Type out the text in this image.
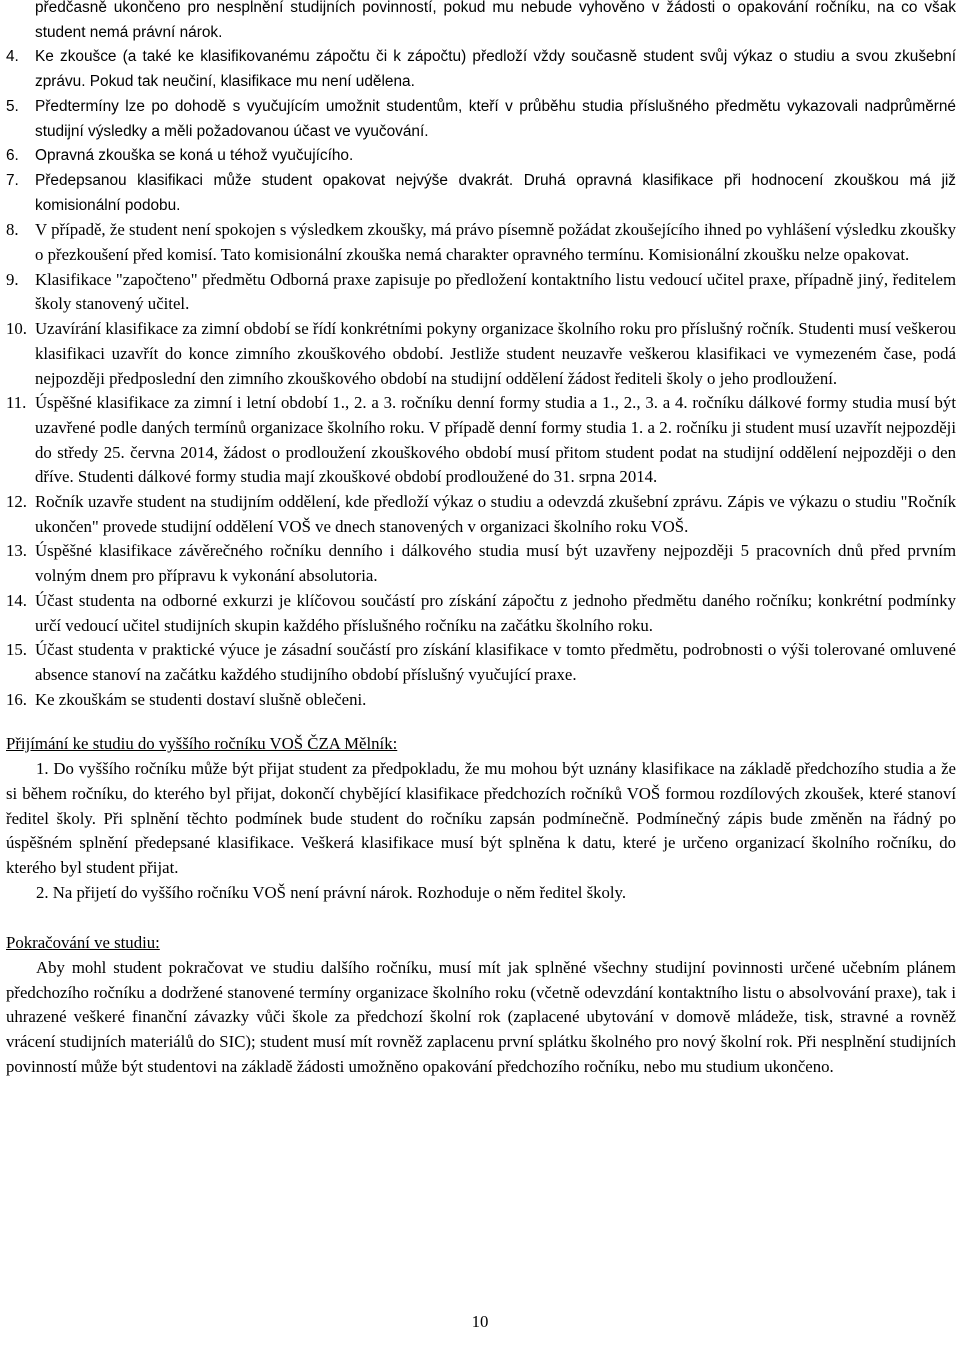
předčasně ukončeno pro nesplnění studijních povinností, pokud mu nebude vyhověno v žádosti o opakování ročníku, na co však student nemá právní nárok.
4.	Ke zkoušce (a také ke klasifikovanému zápočtu či k zápočtu) předloží vždy současně student svůj výkaz o studiu a svou zkušební zprávu. Pokud tak neučiní, klasifikace mu není udělena.
5.	Předtermíny lze po dohodě s vyučujícím umožnit studentům, kteří v průběhu studia příslušného předmětu vykazovali nadprůměrné studijní výsledky a měli požadovanou účast ve vyučování.
6.	Opravná zkouška se koná u téhož vyučujícího.
7.	Předepsanou klasifikaci může student opakovat nejvýše dvakrát. Druhá opravná klasifikace při hodnocení zkouškou má již komisionální podobu.
8. V případě, že student není spokojen s výsledkem zkoušky, má právo písemně požádat zkoušejícího ihned po vyhlášení výsledku zkoušky o přezkoušení před komisí. Tato komisionální zkouška nemá charakter opravného termínu. Komisionální zkoušku nelze opakovat.
9. Klasifikace "započteno" předmětu Odborná praxe zapisuje po předložení kontaktního listu vedoucí učitel praxe, případně jiný, ředitelem školy stanovený učitel.
10. Uzavírání klasifikace za zimní období se řídí konkrétními pokyny organizace školního roku pro příslušný ročník. Studenti musí veškerou klasifikaci uzavřít do konce zimního zkouškového období. Jestliže student neuzavře veškerou klasifikaci ve vymezeném čase, podá nejpozději předposlední den zimního zkouškového období na studijní oddělení žádost řediteli školy o jeho prodloužení.
11. Úspěšné klasifikace za zimní i letní období 1., 2. a 3. ročníku denní formy studia a 1., 2., 3. a 4. ročníku dálkové formy studia musí být uzavřené podle daných termínů organizace školního roku. V případě denní formy studia 1. a 2. ročníku ji student musí uzavřít nejpozději do středy 25. června 2014, žádost o prodloužení zkouškového období musí přitom student podat na studijní oddělení nejpozději o den dříve. Studenti dálkové formy studia mají zkouškové období prodloužené do 31. srpna 2014.
12. Ročník uzavře student na studijním oddělení, kde předloží výkaz o studiu a odevzdá zkušební zprávu. Zápis ve výkazu o studiu "Ročník ukončen" provede studijní oddělení VOŠ ve dnech stanovených v organizaci školního roku VOŠ.
13. Úspěšné klasifikace závěrečného ročníku denního i dálkového studia musí být uzavřeny nejpozději 5 pracovních dnů před prvním volným dnem pro přípravu k vykonání absolutoria.
14. Účast studenta na odborné exkurzi je klíčovou součástí pro získání zápočtu z jednoho předmětu daného ročníku; konkrétní podmínky určí vedoucí učitel studijních skupin každého příslušného ročníku na začátku školního roku.
15. Účast studenta v praktické výuce je zásadní součástí pro získání klasifikace v tomto předmětu, podrobnosti o výši tolerované omluvené absence stanoví na začátku každého studijního období příslušný vyučující praxe.
16. Ke zkouškám se studenti dostaví slušně oblečeni.

Přijímání ke studiu do vyššího ročníku VOŠ ČZA Mělník:

1. Do vyššího ročníku může být přijat student za předpokladu, že mu mohou být uznány klasifikace na základě předchozího studia a že si během ročníku, do kterého byl přijat, dokončí chybějící klasifikace předchozích ročníků VOŠ formou rozdílových zkoušek, které stanoví ředitel školy. Při splnění těchto podmínek bude student do ročníku zapsán podmínečně. Podmínečný zápis bude změněn na řádný po úspěšném splnění předepsané klasifikace. Veškerá klasifikace musí být splněna k datu, které je určeno organizací školního ročníku, do kterého byl student přijat.

2. Na přijetí do vyššího ročníku VOŠ není právní nárok. Rozhoduje o něm ředitel školy.

Pokračování ve studiu:

Aby mohl student pokračovat ve studiu dalšího ročníku, musí mít jak splněné všechny studijní povinnosti určené učebním plánem předchozího ročníku a dodržené stanovené termíny organizace školního roku (včetně odevzdání kontaktního listu o absolvování praxe), tak i uhrazené veškeré finanční závazky vůči škole za předchozí školní rok (zaplacené ubytování v domově mládeže, tisk, stravné a rovněž vrácení studijních materiálů do SIC); student musí mít rovněž zaplacenu první splátku školného pro nový školní rok. Při nesplnění studijních povinností může být studentovi na základě žádosti umožněno opakování předchozího ročníku, nebo mu studium ukončeno.

10
